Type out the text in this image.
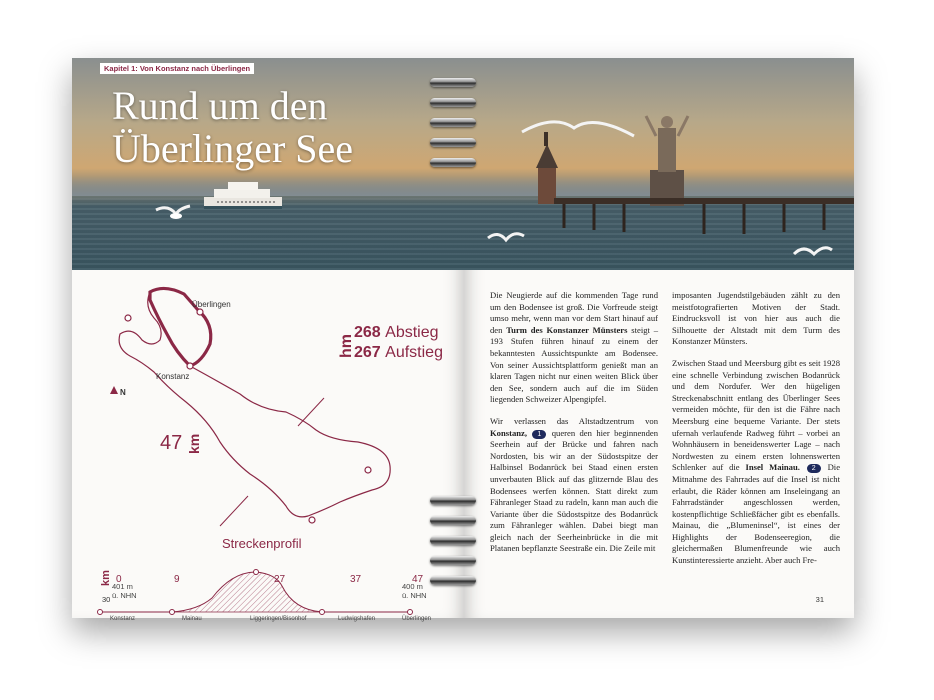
Kapitel 1: Von Konstanz nach Überlingen
Rund um den
Überlinger See
Überlingen
Konstanz
N
hm
268 Abstieg
267 Aufstieg
47 km
Streckenprofil
401 m
ü. NHN
400 m
ü. NHN
Konstanz	Mainau	Liggeringen/Bisonhof	Ludwigshafen	Überlingen
30

Die Neugierde auf die kommenden Tage rund um den Bodensee ist groß. Die Vorfreude steigt umso mehr, wenn man vor dem Start hinauf auf den Turm des Konstanzer Münsters steigt – 193 Stufen führen hinauf zu einem der bekanntesten Aussichtspunkte am Bodensee. Von seiner Aussichtsplattform genießt man an klaren Tagen nicht nur einen weiten Blick über den See, sondern auch auf die im Süden liegenden Schweizer Alpengipfel.

Wir verlassen das Altstadtzentrum von Konstanz, 1 queren den hier beginnenden Seerhein auf der Brücke und fahren nach Nordosten, bis wir an der Südostspitze der Halbinsel Bodanrück bei Staad einen ersten unverbauten Blick auf das glitzernde Blau des Bodensees werfen können. Statt direkt zum Fähranleger Staad zu radeln, kann man auch die Variante über die Südostspitze des Bodanrück zum Fähranleger wählen. Dabei biegt man gleich nach der Seerheinbrücke in die mit Platanen bepflanzte Seestraße ein. Die Zeile mit

imposanten Jugendstilgebäuden zählt zu den meistfotografierten Motiven der Stadt. Eindrucksvoll ist von hier aus auch die Silhouette der Altstadt mit dem Turm des Konstanzer Münsters.

Zwischen Staad und Meersburg gibt es seit 1928 eine schnelle Verbindung zwischen Bodanrück und dem Nordufer. Wer den hügeligen Streckenabschnitt entlang des Überlinger Sees vermeiden möchte, für den ist die Fähre nach Meersburg eine bequeme Variante. Der stets ufernah verlaufende Radweg führt – vorbei an Wohnhäusern in beneidenswerter Lage – nach Nordwesten zu einem ersten lohnenswerten Schlenker auf die Insel Mainau. 2 Die Mitnahme des Fahrrades auf die Insel ist nicht erlaubt, die Räder können am Inseleingang an Fahrradständer angeschlossen werden, kostenpflichtige Schließfächer gibt es ebenfalls. Mainau, die „Blumeninsel“, ist eines der Highlights der Bodenseeregion, die gleichermaßen Blumenfreunde wie auch Kunstinteressierte anzieht. Aber auch Fre-

31
km 0	9	27	37	47
